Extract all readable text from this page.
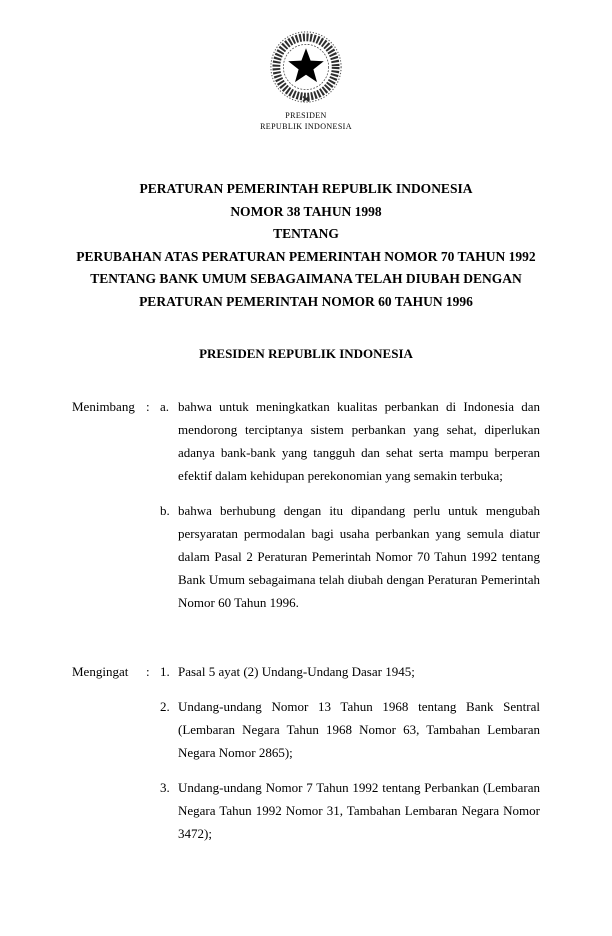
PRESIDEN
REPUBLIK INDONESIA
PERATURAN PEMERINTAH REPUBLIK INDONESIA
NOMOR 38 TAHUN 1998
TENTANG
PERUBAHAN ATAS PERATURAN PEMERINTAH NOMOR 70 TAHUN 1992
TENTANG BANK UMUM SEBAGAIMANA TELAH DIUBAH DENGAN
PERATURAN PEMERINTAH NOMOR 60 TAHUN 1996
PRESIDEN REPUBLIK INDONESIA
Menimbang : a. bahwa untuk meningkatkan kualitas perbankan di Indonesia dan mendorong terciptanya sistem perbankan yang sehat, diperlukan adanya bank-bank yang tangguh dan sehat serta mampu berperan efektif dalam kehidupan perekonomian yang semakin terbuka;
b. bahwa berhubung dengan itu dipandang perlu untuk mengubah persyaratan permodalan bagi usaha perbankan yang semula diatur dalam Pasal 2 Peraturan Pemerintah Nomor 70 Tahun 1992 tentang Bank Umum sebagaimana telah diubah dengan Peraturan Pemerintah Nomor 60 Tahun 1996.
Mengingat	: 1. Pasal 5 ayat (2) Undang-Undang Dasar 1945;
2. Undang-undang Nomor 13 Tahun 1968 tentang Bank Sentral (Lembaran Negara Tahun 1968 Nomor 63, Tambahan Lembaran Negara Nomor 2865);
3. Undang-undang Nomor 7 Tahun 1992 tentang Perbankan (Lembaran Negara Tahun 1992 Nomor 31, Tambahan Lembaran Negara Nomor 3472);
